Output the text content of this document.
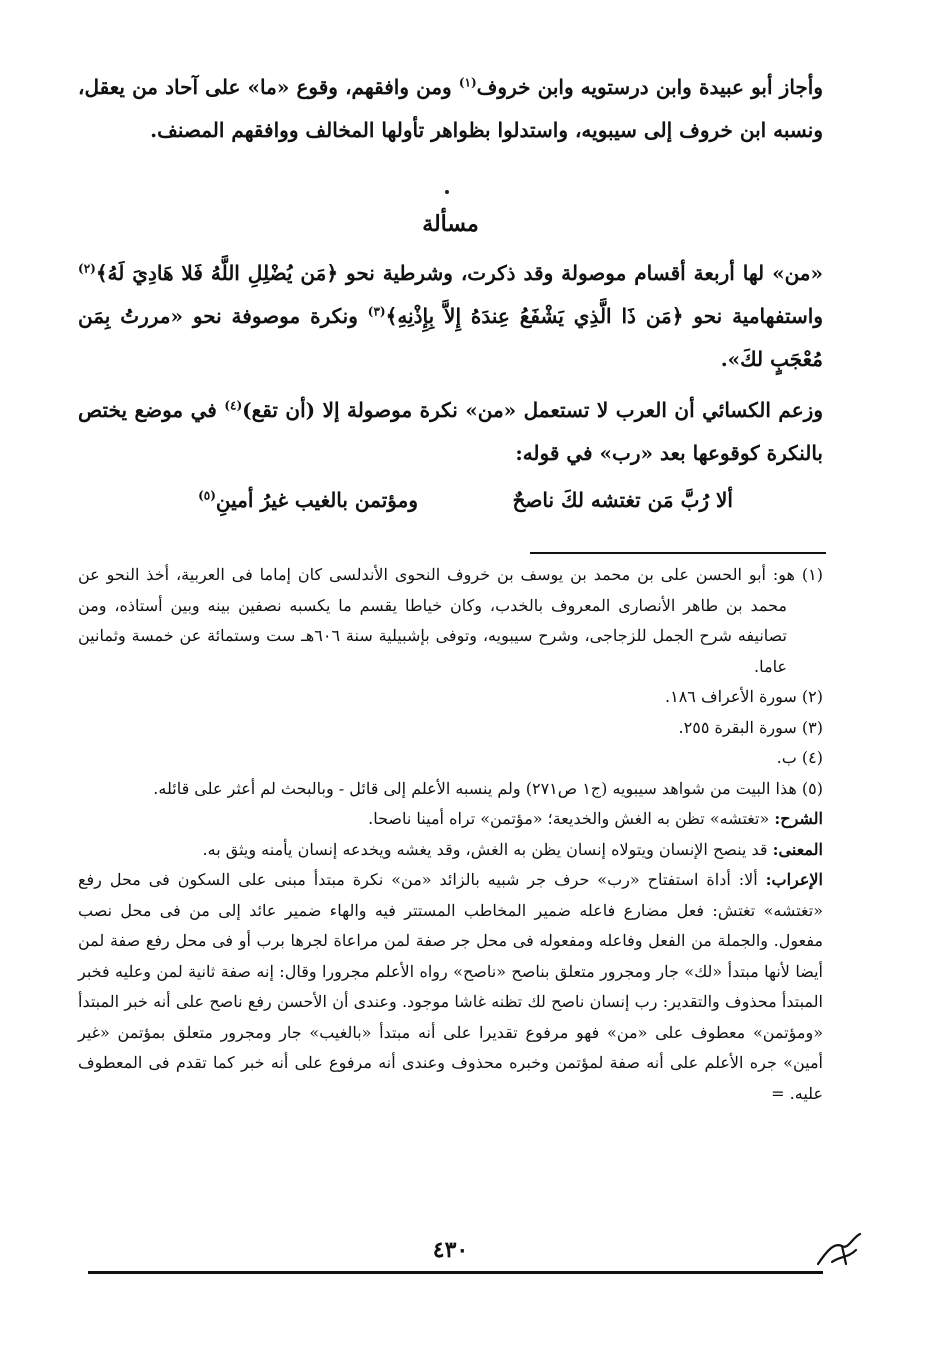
وأجاز أبو عبيدة وابن درستويه وابن خروف$^{(١)}$ ومن وافقهم، وقوع «ما» على آحاد من يعقل، ونسبه ابن خروف إلى سيبويه، واستدلوا بظواهر تأولها المخالف ووافقهم المصنف.

مسألة

«من» لها أربعة أقسام موصولة وقد ذكرت، وشرطية نحو ﴿مَن يُضْلِلِ اللَّهُ فَلا هَادِيَ لَهُ﴾$^{(٢)}$ واستفهامية نحو ﴿مَن ذَا الَّذِي يَشْفَعُ عِندَهُ إِلاَّ بِإِذْنِهِ﴾$^{(٣)}$ ونكرة موصوفة نحو «مررتُ بِمَن مُعْجَبٍ لكَ».

وزعم الكسائي أن العرب لا تستعمل «من» نكرة موصولة إلا (أن تقع)$^{(٤)}$ في موضع يختص بالنكرة كوقوعها بعد «رب» في قوله:

ألا رُبَّ مَن تغتشه لكَ ناصحٌ
ومؤتمن بالغيب غيرُ أمينِ$^{(٥)}$

(١) هو: أبو الحسن على بن محمد بن يوسف بن خروف النحوى الأندلسى كان إماما فى العربية، أخذ النحو عن محمد بن طاهر الأنصارى المعروف بالخدب، وكان خياطا يقسم ما يكسبه نصفين بينه وبين أستاذه، ومن تصانيفه شرح الجمل للزجاجى، وشرح سيبويه، وتوفى بإشبيلية سنة ٦٠٦هـ ست وستمائة عن خمسة وثمانين عاما.

(٢) سورة الأعراف ١٨٦.

(٣) سورة البقرة ٢٥٥.

(٤) ب.

(٥) هذا البيت من شواهد سيبويه (ج١ ص٢٧١) ولم ينسبه الأعلم إلى قائل - وبالبحث لم أعثر على قائله.

الشرح: «تغتشه» تظن به الغش والخديعة؛ «مؤتمن» تراه أمينا ناصحا.

المعنى: قد ينصح الإنسان ويتولاه إنسان يظن به الغش، وقد يغشه ويخدعه إنسان يأمنه ويثق به.

الإعراب: ألا: أداة استفتاح «رب» حرف جر شبيه بالزائد «من» نكرة مبتدأ مبنى على السكون فى محل رفع «تغتشه» تغتش: فعل مضارع فاعله ضمير المخاطب المستتر فيه والهاء ضمير عائد إلى من فى محل نصب مفعول. والجملة من الفعل وفاعله ومفعوله فى محل جر صفة لمن مراعاة لجرها برب أو فى محل رفع صفة لمن أيضا لأنها مبتدأ «لك» جار ومجرور متعلق بناصح «ناصح» رواه الأعلم مجرورا وقال: إنه صفة ثانية لمن وعليه فخبر المبتدأ محذوف والتقدير: رب إنسان ناصح لك تظنه غاشا موجود. وعندى أن الأحسن رفع ناصح على أنه خبر المبتدأ «ومؤتمن» معطوف على «من» فهو مرفوع تقديرا على أنه مبتدأ «بالغيب» جار ومجرور متعلق بمؤتمن «غير أمين» جره الأعلم على أنه صفة لمؤتمن وخبره محذوف وعندى أنه مرفوع على أنه خبر كما تقدم فى المعطوف عليه. =

٤٣٠
